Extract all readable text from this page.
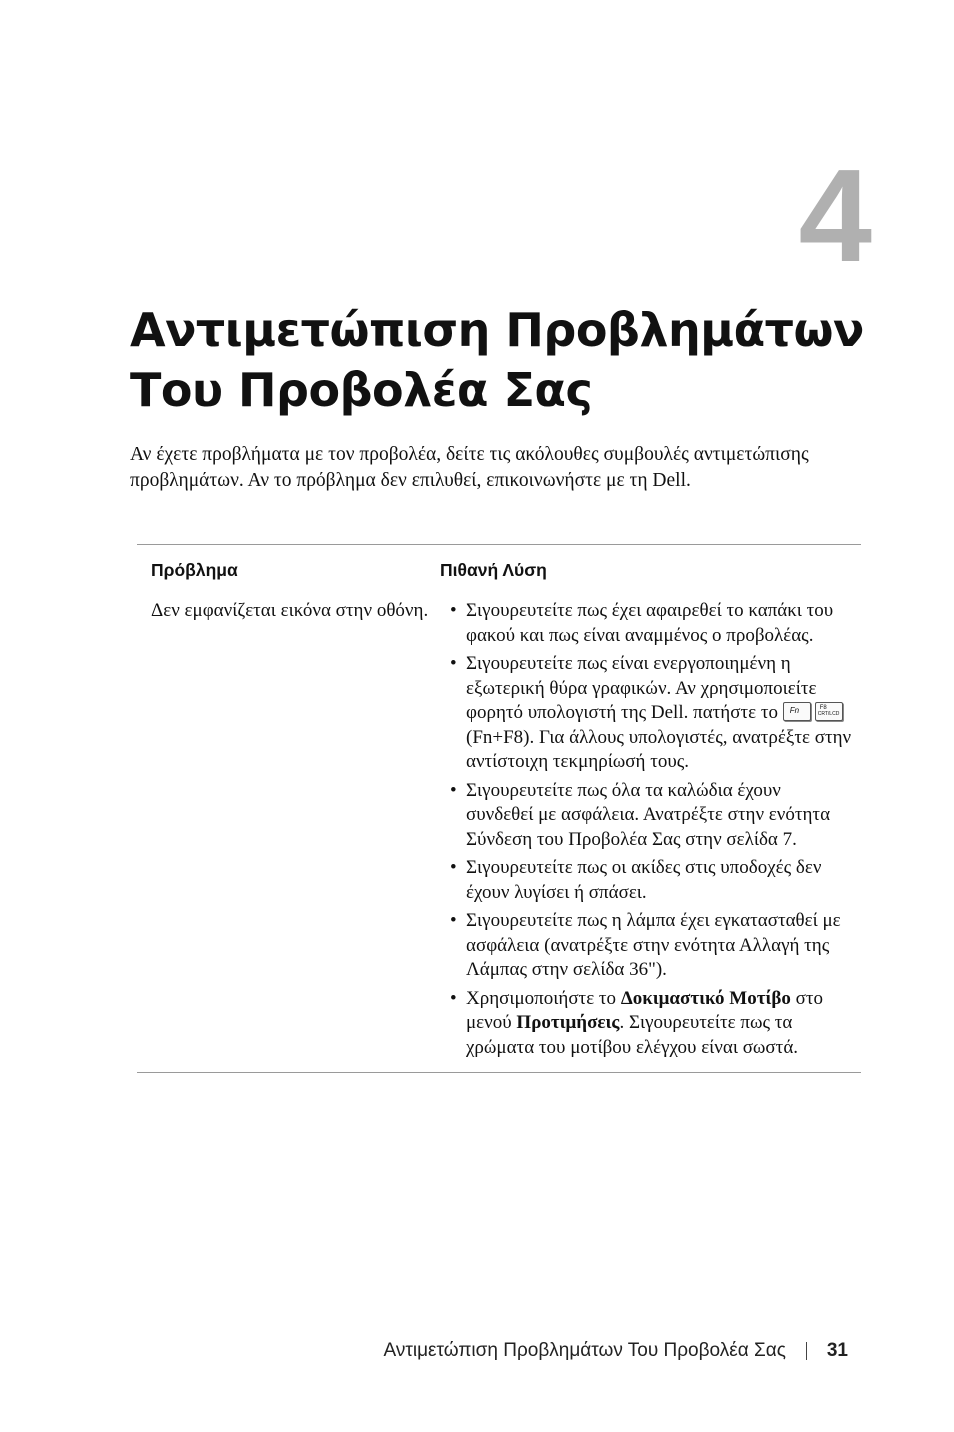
4
Αντιμετώπιση Προβλημάτων
Του Προβολέα Σας

Αν έχετε προβλήματα με τον προβολέα, δείτε τις ακόλουθες συμβουλές αντιμετώπισης προβλημάτων. Αν το πρόβλημα δεν επιλυθεί, επικοινωνήστε με τη Dell.

Πρόβλημα	Πιθανή Λύση
Δεν εμφανίζεται εικόνα στην οθόνη.
•	Σιγουρευτείτε πως έχει αφαιρεθεί το καπάκι του φακού και πως είναι αναμμένος ο προβολέας.
• Σιγουρευτείτε πως είναι ενεργοποιημένη η εξωτερική θύρα γραφικών. Αν χρησιμοποιείτε φορητό υπολογιστή της Dell. πατήστε το Fn	F8
CRT/LCD
(Fn+F8). Για άλλους υπολογιστές, ανατρέξτε στην αντίστοιχη τεκμηρίωσή τους.
• Σιγουρευτείτε πως όλα τα καλώδια έχουν συνδεθεί με ασφάλεια. Ανατρέξτε στην ενότητα Σύνδεση του Προβολέα Σας στην σελίδα 7.
• Σιγουρευτείτε πως οι ακίδες στις υποδοχές δεν έχουν λυγίσει ή σπάσει.
• Σιγουρευτείτε πως η λάμπα έχει εγκατασταθεί με ασφάλεια (ανατρέξτε στην ενότητα Αλλαγή της Λάμπας στην σελίδα 36").
• Χρησιμοποιήστε το Δοκιμαστικό Μοτίβο στο μενού Προτιμήσεις. Σιγουρευτείτε πως τα χρώματα του μοτίβου ελέγχου είναι σωστά.
Αντιμετώπιση Προβλημάτων Του Προβολέα Σας 31
